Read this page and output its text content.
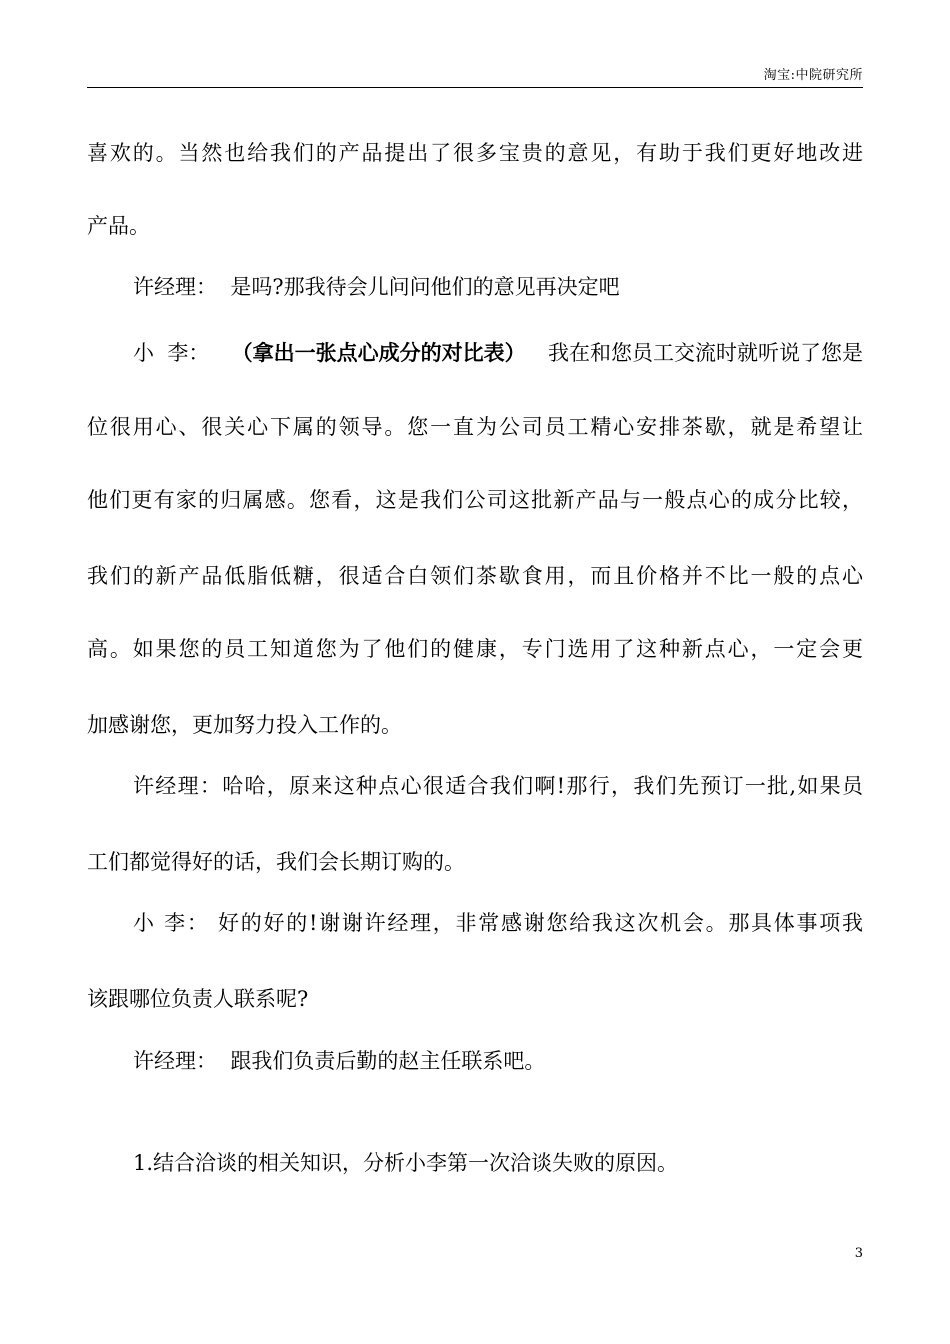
淘宝:中院研究所
喜欢的。当然也给我们的产品提出了很多宝贵的意见，有助于我们更好地改进
产品。
许经理：  是吗?那我待会儿问问他们的意见再决定吧
小  李： （ 拿出一张点心成分的对比表 ） 我在和您员工交流时就听说了您是
位很用心、很关心下属的领导。您一直为公司员工精心安排茶歇，就是希望让
他们更有家的归属感。您看，这是我们公司这批新产品与一般点心的成分比较，
我们的新产品低脂低糖，很适合白领们茶歇食用，而且价格并不比一般的点心
高。如果您的员工知道您为了他们的健康，专门选用了这种新点心，一定会更
加感谢您，更加努力投入工作的。
许经理：哈哈，原来这种点心很适合我们啊!那行，我们先预订一批,如果员
工们都觉得好的话，我们会长期订购的。
小 李： 好的好的!谢谢许经理，非常感谢您给我这次机会。那具体事项我
该跟哪位负责人联系呢?
许经理：  跟我们负责后勤的赵主任联系吧。
1.结合洽谈的相关知识，分析小李第一次洽谈失败的原因。
3
